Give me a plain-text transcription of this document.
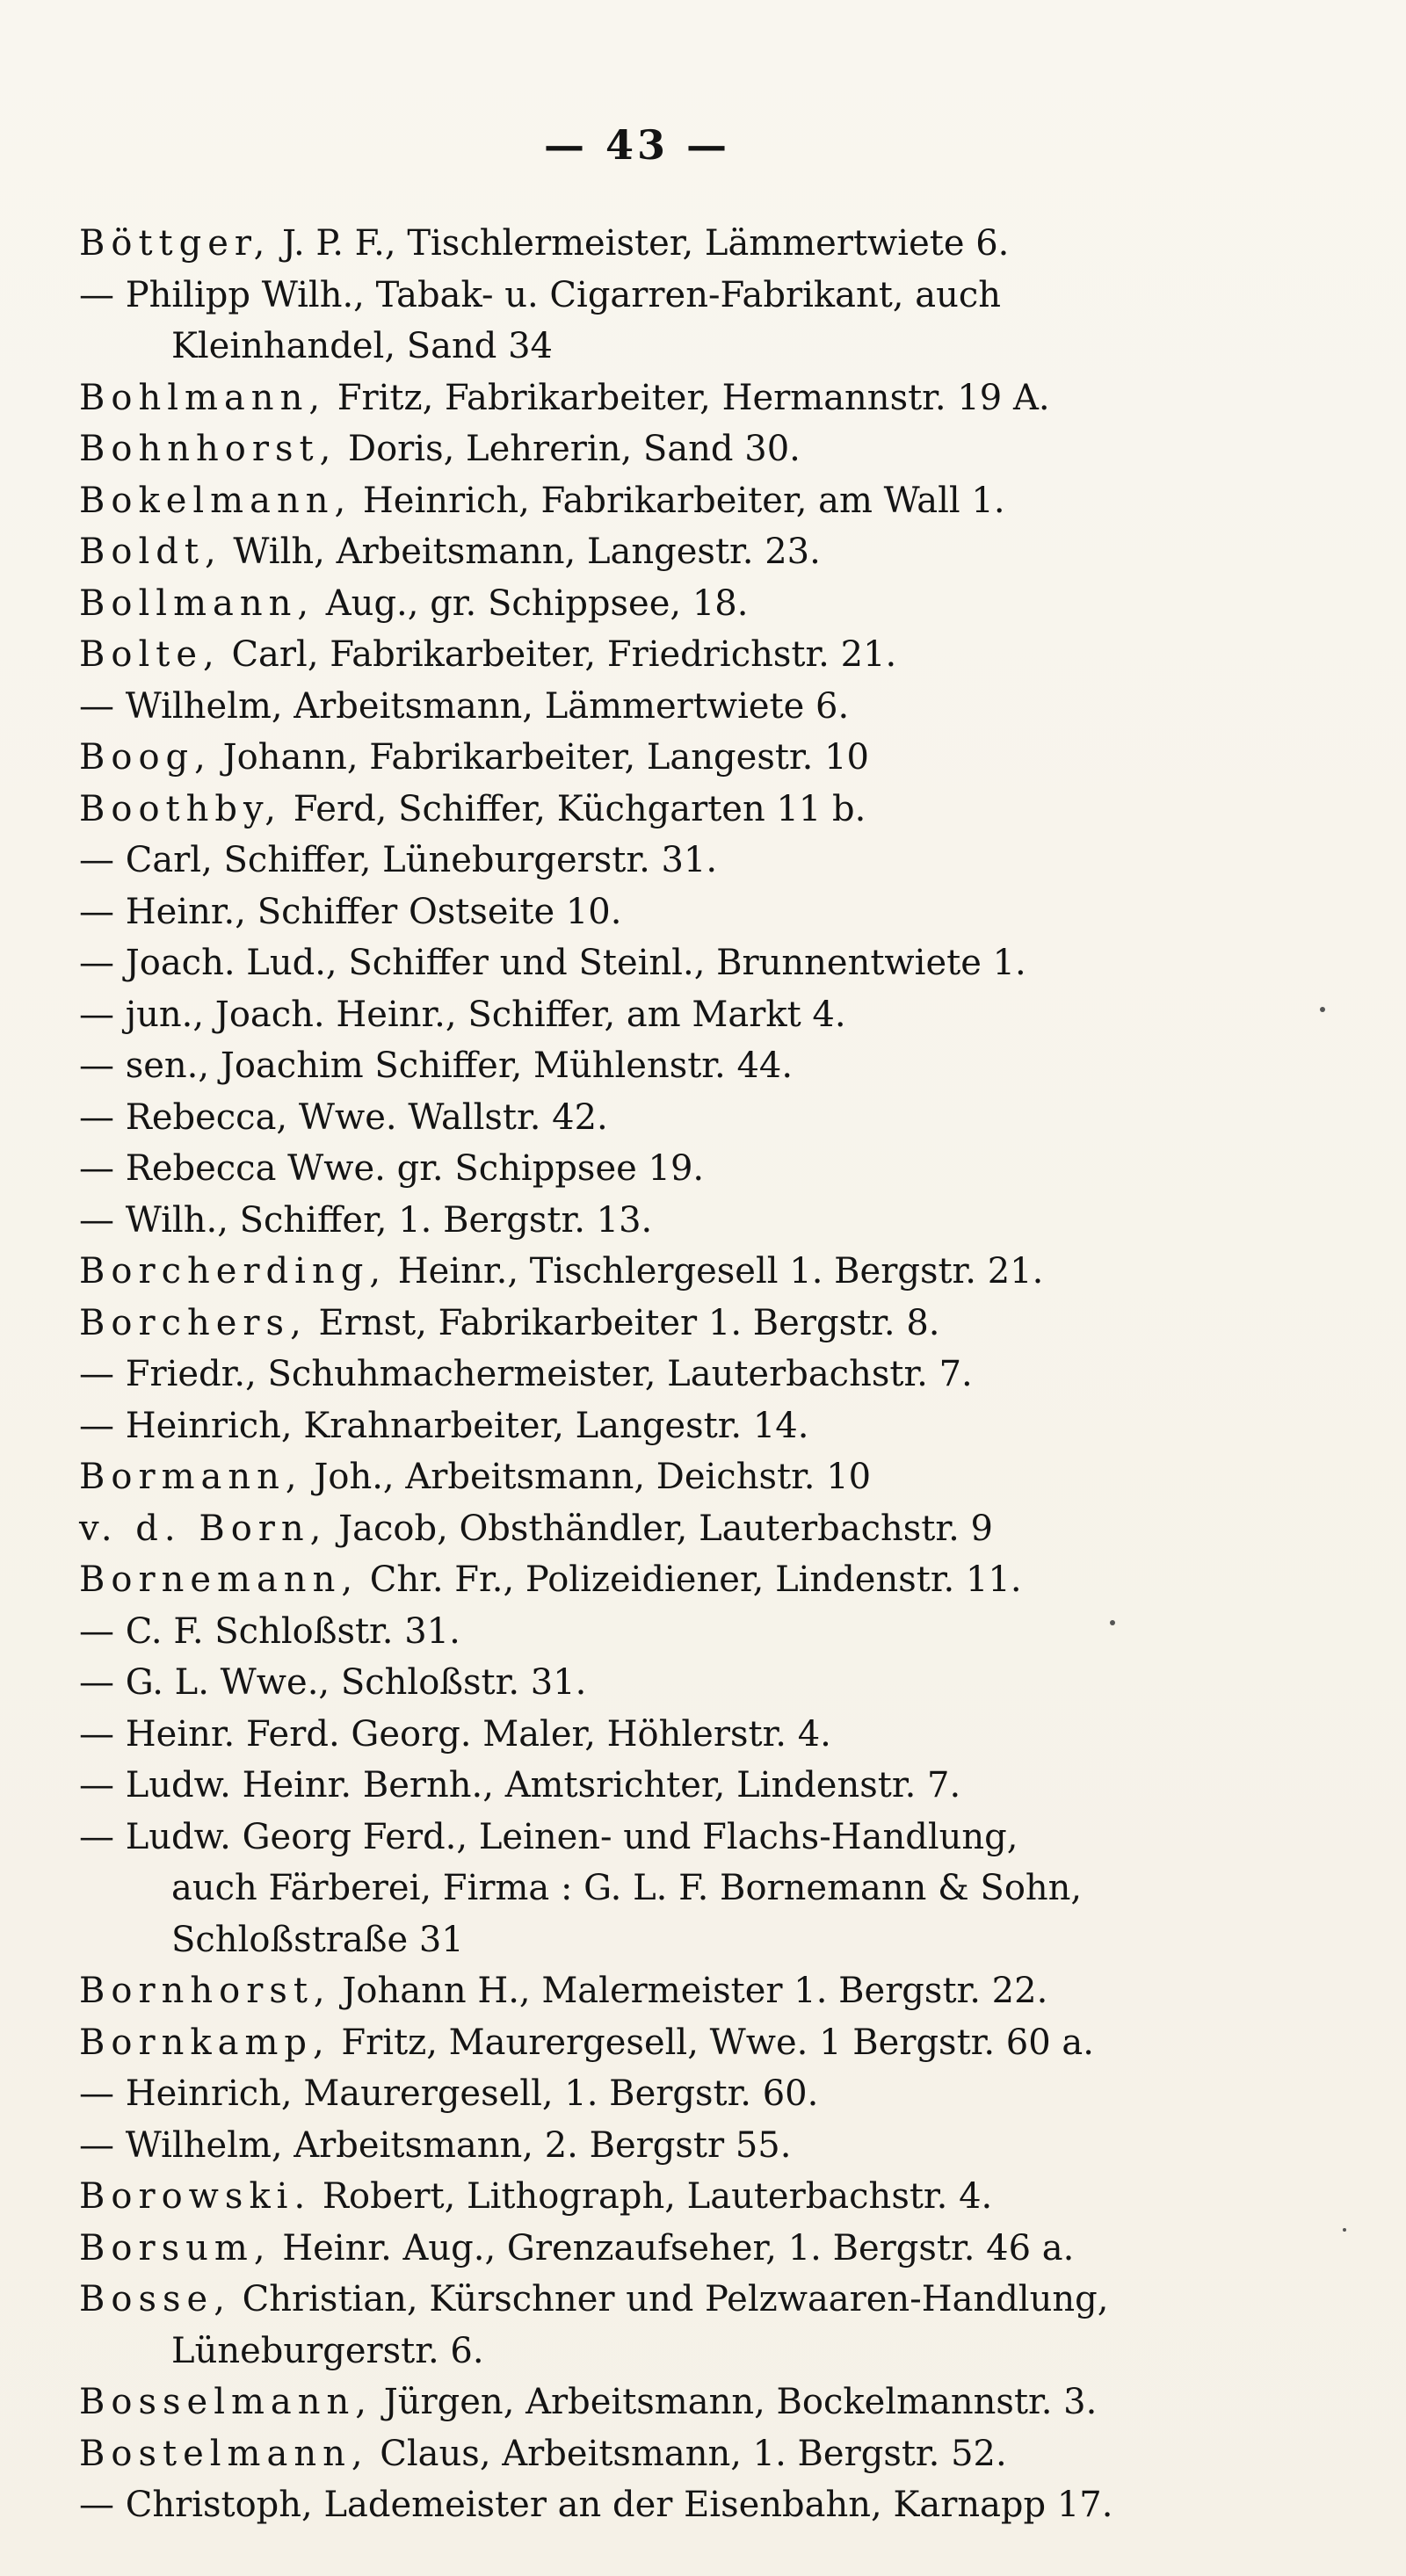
— 43 —
Böttger, J. P. F., Tischlermeister, Lämmertwiete 6.
— Philipp Wilh., Tabak- u. Cigarren-Fabrikant, auch
Kleinhandel, Sand 34
Bohlmann, Fritz, Fabrikarbeiter, Hermannstr. 19 A.
Bohnhorst, Doris, Lehrerin, Sand 30.
Bokelmann, Heinrich, Fabrikarbeiter, am Wall 1.
Boldt, Wilh, Arbeitsmann, Langestr. 23.
Bollmann, Aug., gr. Schippsee, 18.
Bolte, Carl, Fabrikarbeiter, Friedrichstr. 21.
— Wilhelm, Arbeitsmann, Lämmertwiete 6.
Boog, Johann, Fabrikarbeiter, Langestr. 10
Boothby, Ferd, Schiffer, Küchgarten 11 b.
— Carl, Schiffer, Lüneburgerstr. 31.
— Heinr., Schiffer Ostseite 10.
— Joach. Lud., Schiffer und Steinl., Brunnentwiete 1.
— jun., Joach. Heinr., Schiffer, am Markt 4.
— sen., Joachim Schiffer, Mühlenstr. 44.
— Rebecca, Wwe. Wallstr. 42.
— Rebecca Wwe. gr. Schippsee 19.
— Wilh., Schiffer, 1. Bergstr. 13.
Borcherding, Heinr., Tischlergesell 1. Bergstr. 21.
Borchers, Ernst, Fabrikarbeiter 1. Bergstr. 8.
— Friedr., Schuhmachermeister, Lauterbachstr. 7.
— Heinrich, Krahnarbeiter, Langestr. 14.
Bormann, Joh., Arbeitsmann, Deichstr. 10
v. d. Born, Jacob, Obsthändler, Lauterbachstr. 9
Bornemann, Chr. Fr., Polizeidiener, Lindenstr. 11.
— C. F. Schloßstr. 31.
— G. L. Wwe., Schloßstr. 31.
— Heinr. Ferd. Georg. Maler, Höhlerstr. 4.
— Ludw. Heinr. Bernh., Amtsrichter, Lindenstr. 7.
— Ludw. Georg Ferd., Leinen- und Flachs-Handlung,
auch Färberei, Firma : G. L. F. Bornemann & Sohn,
Schloßstraße 31
Bornhorst, Johann H., Malermeister 1. Bergstr. 22.
Bornkamp, Fritz, Maurergesell, Wwe. 1 Bergstr. 60 a.
— Heinrich, Maurergesell, 1. Bergstr. 60.
— Wilhelm, Arbeitsmann, 2. Bergstr 55.
Borowski. Robert, Lithograph, Lauterbachstr. 4.
Borsum, Heinr. Aug., Grenzaufseher, 1. Bergstr. 46 a.
Bosse, Christian, Kürschner und Pelzwaaren-Handlung,
Lüneburgerstr. 6.
Bosselmann, Jürgen, Arbeitsmann, Bockelmannstr. 3.
Bostelmann, Claus, Arbeitsmann, 1. Bergstr. 52.
— Christoph, Lademeister an der Eisenbahn, Karnapp 17.
